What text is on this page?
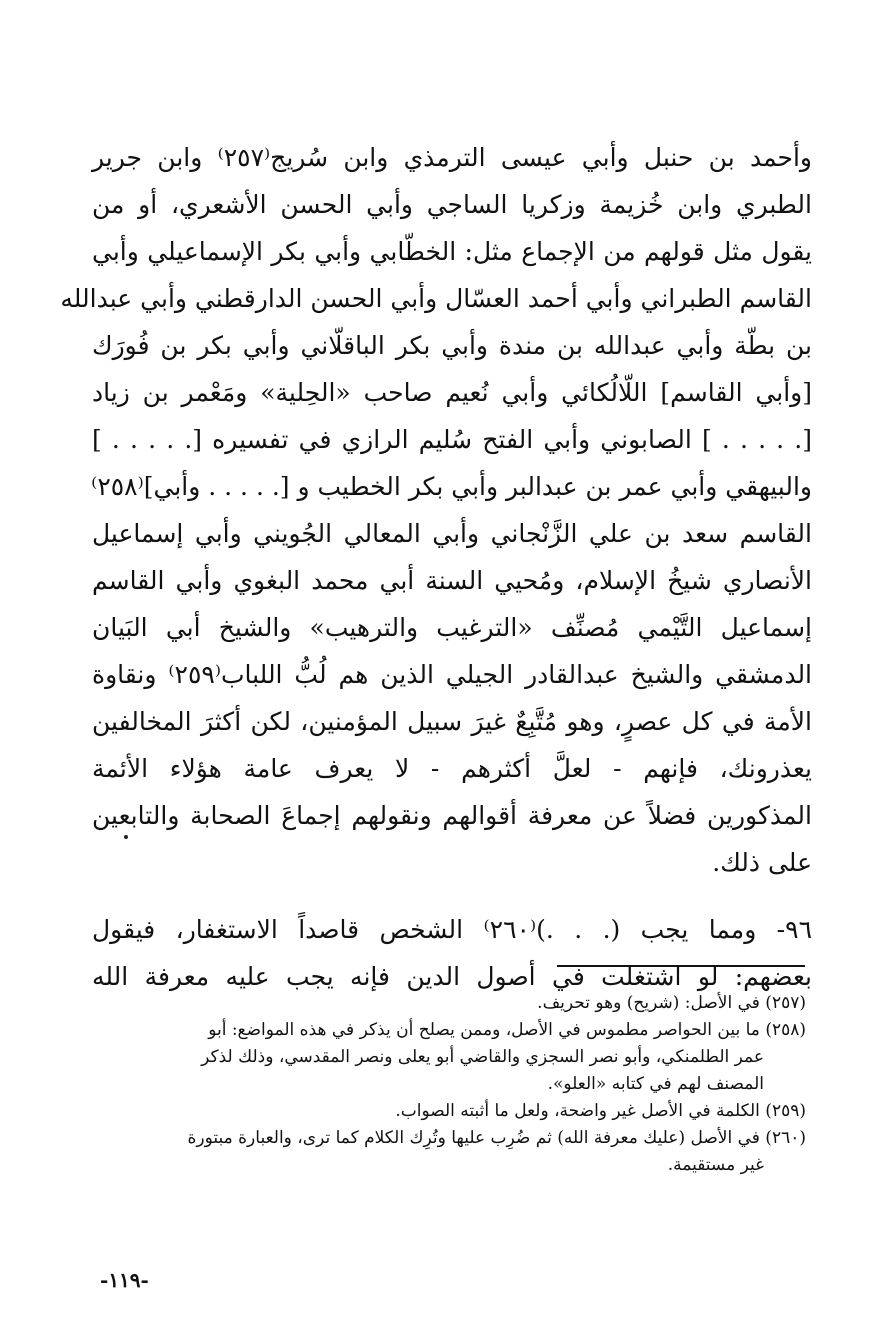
وأحمد بن حنبل وأبي عيسى الترمذي وابن سُريج⁽٢٥٧⁾ وابن جرير
الطبري وابن خُزيمة وزكريا الساجي وأبي الحسن الأشعري، أو من
يقول مثل قولهم من الإجماع مثل: الخطّابي وأبي بكر الإسماعيلي وأبي
القاسم الطبراني وأبي أحمد العسّال وأبي الحسن الدارقطني وأبي عبدالله
بن بطّة وأبي عبدالله بن مندة وأبي بكر الباقلّاني وأبي بكر بن فُورَك
[وأبي القاسم] اللّالُكائي وأبي نُعيم صاحب «الحِلية» ومَعْمر بن زياد
[. . . . . ] الصابوني وأبي الفتح سُليم الرازي في تفسيره [. . . . . ]
والبيهقي وأبي عمر بن عبدالبر وأبي بكر الخطيب و [. . . . . وأبي]⁽٢٥٨⁾
القاسم سعد بن علي الزَّنْجاني وأبي المعالي الجُويني وأبي إسماعيل
الأنصاري شيخُ الإسلام، ومُحيي السنة أبي محمد البغوي وأبي القاسم
إسماعيل التَّيْمي مُصنِّف «الترغيب والترهيب» والشيخ أبي البَيان
الدمشقي والشيخ عبدالقادر الجيلي الذين هم لُبُّ اللباب⁽٢٥٩⁾ ونقاوة
الأمة في كل عصرٍ، وهو مُتَّبِعٌ غيرَ سبيل المؤمنين، لكن أكثرَ المخالفين
يعذرونك، فإنهم - لعلَّ أكثرهم - لا يعرف عامة هؤلاء الأئمة
المذكورين فضلاً عن معرفة أقوالهم ونقولهم إجماعَ الصحابة والتابعين
على ذلك.
٩٦- ومما يجب (. . .)⁽٢٦٠⁾ الشخص قاصداً الاستغفار، فيقول
بعضهم: لو اشتغلت في أصول الدين فإنه يجب عليه معرفة الله
(٢٥٧) في الأصل: (شريح) وهو تحريف.
(٢٥٨) ما بين الحواصر مطموس في الأصل، وممن يصلح أن يذكر في هذه المواضع: أبو
عمر الطلمنكي، وأبو نصر السجزي والقاضي أبو يعلى ونصر المقدسي، وذلك لذكر
المصنف لهم في كتابه «العلو».
(٢٥٩) الكلمة في الأصل غير واضحة، ولعل ما أثبته الصواب.
(٢٦٠) في الأصل (عليك معرفة الله) ثم ضُرِب عليها وتُرِك الكلام كما ترى، والعبارة مبتورة
غير مستقيمة.
-١١٩-
